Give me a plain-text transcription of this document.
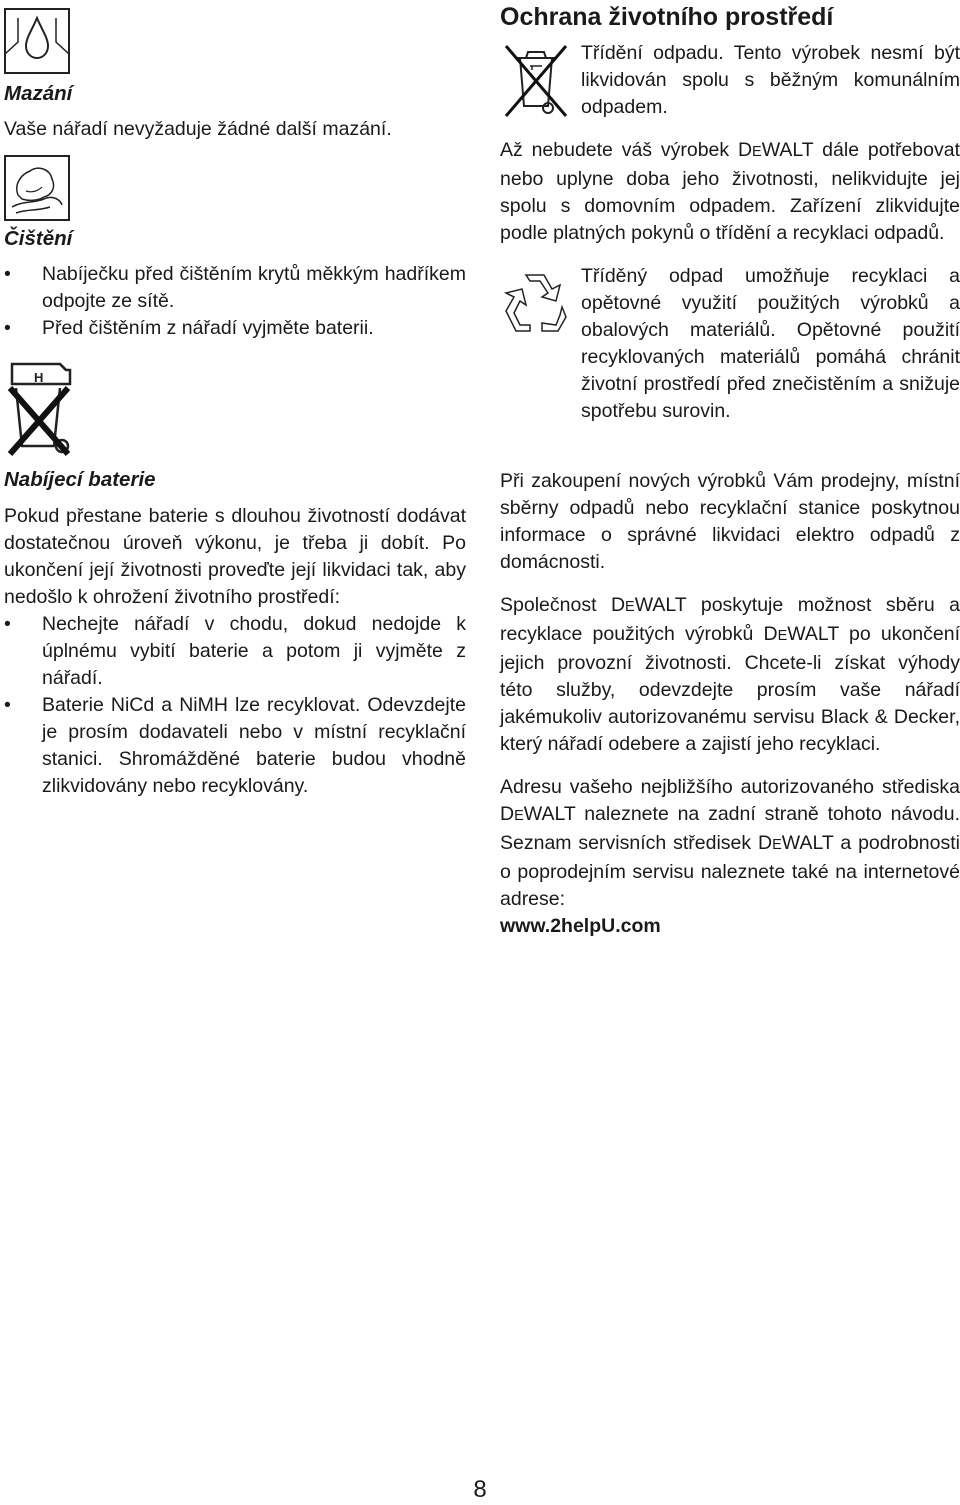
Mazání

Vaše nářadí nevyžaduje žádné další mazání.

Čištění
• Nabíječku před čištěním krytů měkkým hadříkem odpojte ze sítě.
• Před čištěním z nářadí vyjměte baterii.
H
Nabíjecí baterie

Pokud přestane baterie s dlouhou životností dodávat dostatečnou úroveň výkonu, je třeba ji dobít. Po ukončení její životnosti proveďte její likvidaci tak, aby nedošlo k ohrožení životního prostředí:

• Nechejte nářadí v chodu, dokud nedojde k úplnému vybití baterie a potom ji vyjměte z nářadí.
• Baterie NiCd a NiMH lze recyklovat. Odevzdejte je prosím dodavateli nebo v místní recyklační stanici. Shromážděné baterie budou vhodně zlikvidovány nebo recyklovány.
Ochrana životního prostředí

Třídění odpadu. Tento výrobek nesmí být likvidován spolu s běžným komunálním odpadem.

Až nebudete váš výrobek DEWALT dále potřebovat nebo uplyne doba jeho životnosti, nelikvidujte jej spolu s domovním odpadem. Zařízení zlikvidujte podle platných pokynů o třídění a recyklaci odpadů.

Tříděný odpad umožňuje recyklaci a opětovné využití použitých výrobků a obalových materiálů. Opětovné použití recyklovaných materiálů pomáhá chránit životní prostředí před znečistěním a snižuje spotřebu surovin.

Při zakoupení nových výrobků Vám prodejny, místní sběrny odpadů nebo recyklační stanice poskytnou informace o správné likvidaci elektro odpadů z domácnosti.

Společnost DEWALT poskytuje možnost sběru a recyklace použitých výrobků DEWALT po ukončení jejich provozní životnosti. Chcete-li získat výhody této služby, odevzdejte prosím vaše nářadí jakémukoliv autorizovanému servisu Black & Decker, který nářadí odebere a zajistí jeho recyklaci.

Adresu vašeho nejbližšího autorizovaného střediska DEWALT naleznete na zadní straně tohoto návodu. Seznam servisních středisek DEWALT a podrobnosti o poprodejním servisu naleznete také na internetové adrese:
www.2helpU.com

8
